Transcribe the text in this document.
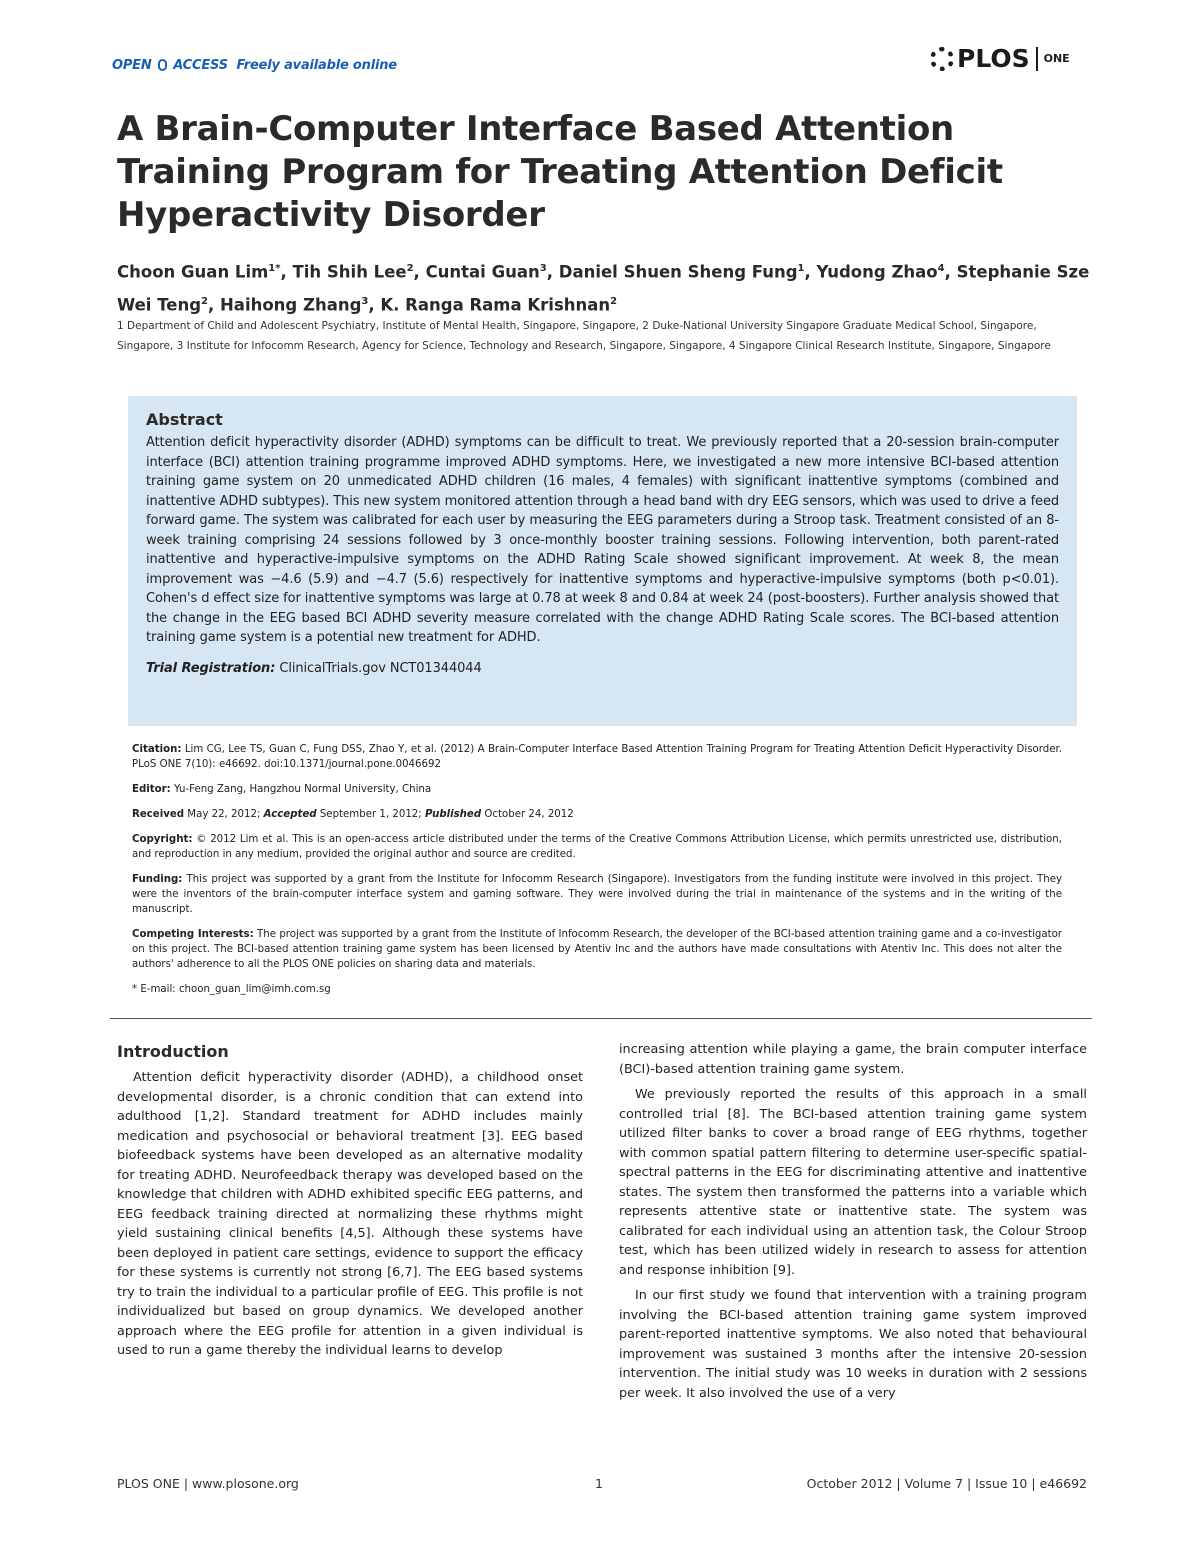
OPEN ACCESS Freely available online	PLOS ONE
A Brain-Computer Interface Based Attention Training Program for Treating Attention Deficit Hyperactivity Disorder
Choon Guan Lim$^{1*}$, Tih Shih Lee$^2$, Cuntai Guan$^3$, Daniel Shuen Sheng Fung$^1$, Yudong Zhao$^4$, Stephanie Sze Wei Teng$^2$, Haihong Zhang$^3$, K. Ranga Rama Krishnan$^2$
1 Department of Child and Adolescent Psychiatry, Institute of Mental Health, Singapore, Singapore, 2 Duke-National University Singapore Graduate Medical School, Singapore, Singapore, 3 Institute for Infocomm Research, Agency for Science, Technology and Research, Singapore, Singapore, 4 Singapore Clinical Research Institute, Singapore, Singapore
Abstract

Attention deficit hyperactivity disorder (ADHD) symptoms can be difficult to treat. We previously reported that a 20-session brain-computer interface (BCI) attention training programme improved ADHD symptoms. Here, we investigated a new more intensive BCI-based attention training game system on 20 unmedicated ADHD children (16 males, 4 females) with significant inattentive symptoms (combined and inattentive ADHD subtypes). This new system monitored attention through a head band with dry EEG sensors, which was used to drive a feed forward game. The system was calibrated for each user by measuring the EEG parameters during a Stroop task. Treatment consisted of an 8-week training comprising 24 sessions followed by 3 once-monthly booster training sessions. Following intervention, both parent-rated inattentive and hyperactive-impulsive symptoms on the ADHD Rating Scale showed significant improvement. At week 8, the mean improvement was −4.6 (5.9) and −4.7 (5.6) respectively for inattentive symptoms and hyperactive-impulsive symptoms (both p<0.01). Cohen's d effect size for inattentive symptoms was large at 0.78 at week 8 and 0.84 at week 24 (post-boosters). Further analysis showed that the change in the EEG based BCI ADHD severity measure correlated with the change ADHD Rating Scale scores. The BCI-based attention training game system is a potential new treatment for ADHD.

Trial Registration: ClinicalTrials.gov NCT01344044

Citation: Lim CG, Lee TS, Guan C, Fung DSS, Zhao Y, et al. (2012) A Brain-Computer Interface Based Attention Training Program for Treating Attention Deficit Hyperactivity Disorder. PLoS ONE 7(10): e46692. doi:10.1371/journal.pone.0046692

Editor: Yu-Feng Zang, Hangzhou Normal University, China

Received May 22, 2012; Accepted September 1, 2012; Published October 24, 2012

Copyright: © 2012 Lim et al. This is an open-access article distributed under the terms of the Creative Commons Attribution License, which permits unrestricted use, distribution, and reproduction in any medium, provided the original author and source are credited.

Funding: This project was supported by a grant from the Institute for Infocomm Research (Singapore). Investigators from the funding institute were involved in this project. They were the inventors of the brain-computer interface system and gaming software. They were involved during the trial in maintenance of the systems and in the writing of the manuscript.

Competing Interests: The project was supported by a grant from the Institute of Infocomm Research, the developer of the BCI-based attention training game and a co-investigator on this project. The BCI-based attention training game system has been licensed by Atentiv Inc and the authors have made consultations with Atentiv Inc. This does not alter the authors' adherence to all the PLOS ONE policies on sharing data and materials.

* E-mail: choon_guan_lim@imh.com.sg

Introduction

Attention deficit hyperactivity disorder (ADHD), a childhood onset developmental disorder, is a chronic condition that can extend into adulthood [1,2]. Standard treatment for ADHD includes mainly medication and psychosocial or behavioral treatment [3]. EEG based biofeedback systems have been developed as an alternative modality for treating ADHD. Neurofeedback therapy was developed based on the knowledge that children with ADHD exhibited specific EEG patterns, and EEG feedback training directed at normalizing these rhythms might yield sustaining clinical benefits [4,5]. Although these systems have been deployed in patient care settings, evidence to support the efficacy for these systems is currently not strong [6,7]. The EEG based systems try to train the individual to a particular profile of EEG. This profile is not individualized but based on group dynamics. We developed another approach where the EEG profile for attention in a given individual is used to run a game thereby the individual learns to develop

increasing attention while playing a game, the brain computer interface (BCI)-based attention training game system.

We previously reported the results of this approach in a small controlled trial [8]. The BCI-based attention training game system utilized filter banks to cover a broad range of EEG rhythms, together with common spatial pattern filtering to determine user-specific spatial-spectral patterns in the EEG for discriminating attentive and inattentive states. The system then transformed the patterns into a variable which represents attentive state or inattentive state. The system was calibrated for each individual using an attention task, the Colour Stroop test, which has been utilized widely in research to assess for attention and response inhibition [9].

In our first study we found that intervention with a training program involving the BCI-based attention training game system improved parent-reported inattentive symptoms. We also noted that behavioural improvement was sustained 3 months after the intensive 20-session intervention. The initial study was 10 weeks in duration with 2 sessions per week. It also involved the use of a very

PLOS ONE | www.plosone.org	1	October 2012 | Volume 7 | Issue 10 | e46692
